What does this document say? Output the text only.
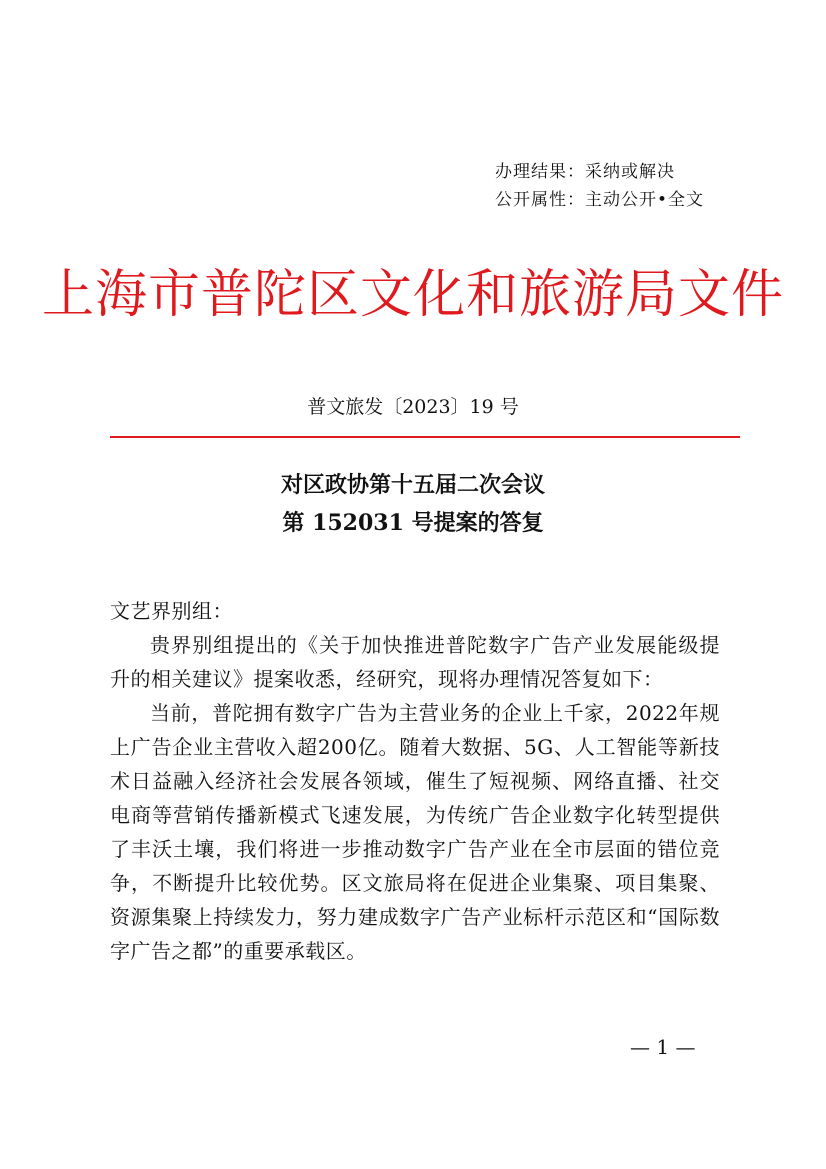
办理结果：采纳或解决
公开属性：主动公开•全文
上海市普陀区文化和旅游局文件
普文旅发〔2023〕19 号
对区政协第十五届二次会议
第 152031 号提案的答复

文艺界别组：

贵界别组提出的《关于加快推进普陀数字广告产业发展能级提升的相关建议》提案收悉，经研究，现将办理情况答复如下：

当前，普陀拥有数字广告为主营业务的企业上千家，2022年规上广告企业主营收入超200亿。随着大数据、5G、人工智能等新技术日益融入经济社会发展各领域，催生了短视频、网络直播、社交电商等营销传播新模式飞速发展，为传统广告企业数字化转型提供了丰沃土壤，我们将进一步推动数字广告产业在全市层面的错位竞争，不断提升比较优势。区文旅局将在促进企业集聚、项目集聚、资源集聚上持续发力，努力建成数字广告产业标杆示范区和“国际数字广告之都”的重要承载区。

— 1 —
